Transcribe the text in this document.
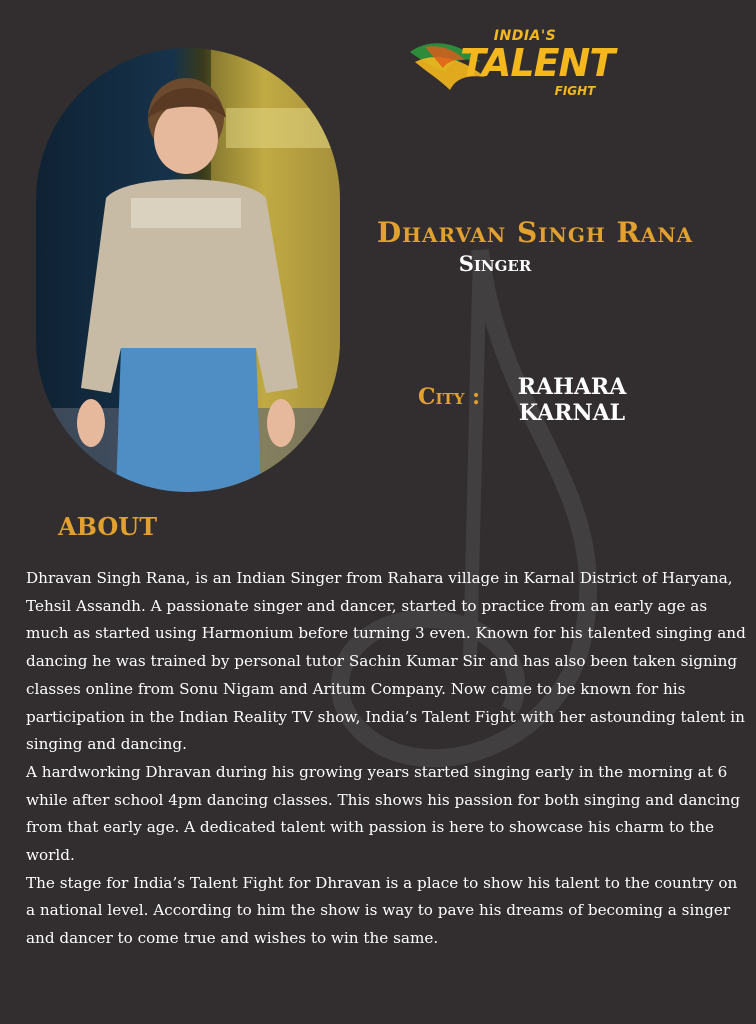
INDIA'S
TALENT
FIGHT
Dharvan Singh Rana
Singer
City :	RAHARA
KARNAL
ABOUT

Dhravan Singh Rana, is an Indian Singer from Rahara village in Karnal District of Haryana, Tehsil Assandh. A passionate singer and dancer, started to practice from an early age as much as started using Harmonium before turning 3 even. Known for his talented singing and dancing he was trained by personal tutor Sachin Kumar Sir and has also been taken signing classes online from Sonu Nigam and Aritum Company. Now came to be known for his participation in the Indian Reality TV show, India’s Talent Fight with her astounding talent in singing and dancing.

A hardworking Dhravan during his growing years started singing early in the morning at 6 while after school 4pm dancing classes. This shows his passion for both singing and dancing from that early age. A dedicated talent with passion is here to showcase his charm to the world.

The stage for India’s Talent Fight for Dhravan is a place to show his talent to the country on a national level. According to him the show is way to pave his dreams of becoming a singer and dancer to come true and wishes to win the same.
